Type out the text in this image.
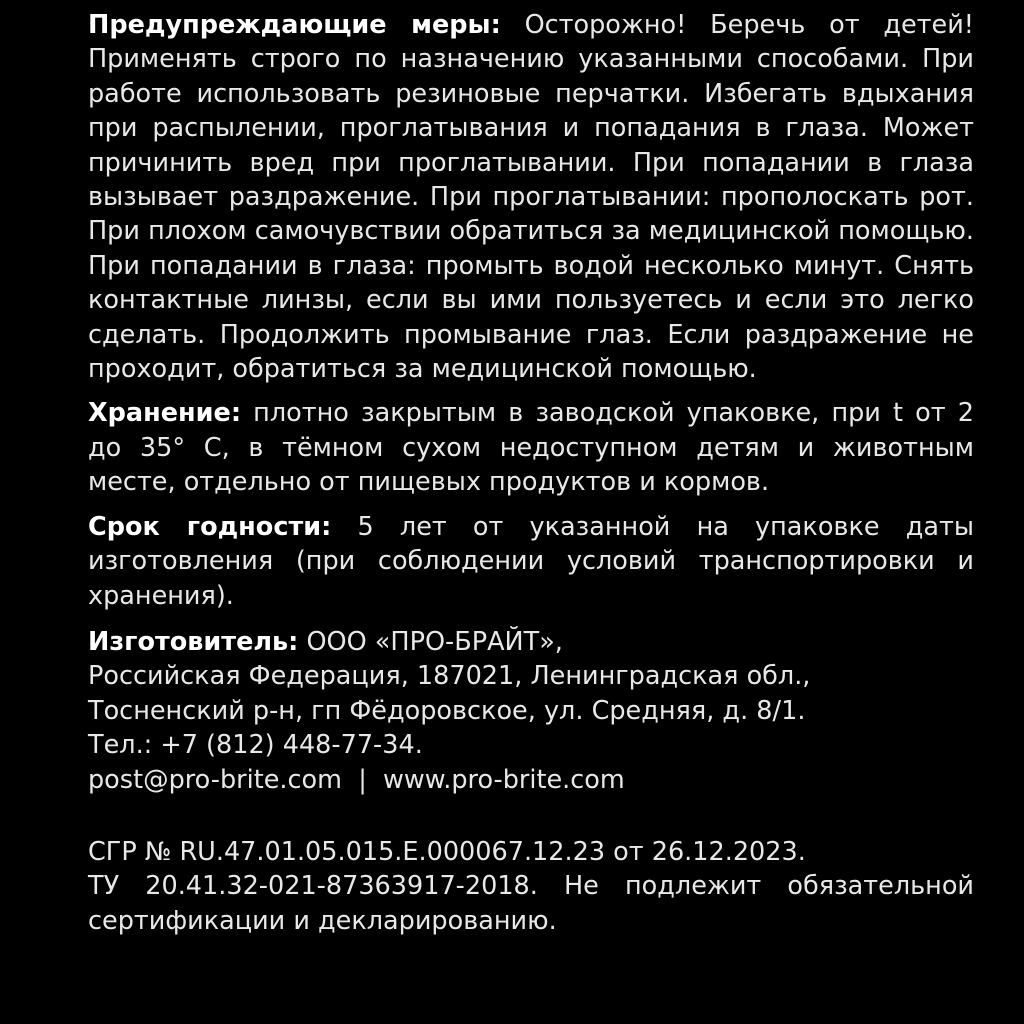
Предупреждающие меры: Осторожно! Беречь от детей! Применять строго по назначению указанными способами. При работе использовать резиновые перчатки. Избегать вдыхания при распылении, проглатывания и попадания в глаза. Может причинить вред при проглатывании. При попадании в глаза вызывает раздражение. При проглатывании: прополоскать рот. При плохом самочувствии обратиться за медицинской помощью. При попадании в глаза: промыть водой несколько минут. Снять контактные линзы, если вы ими пользуетесь и если это легко сделать. Продолжить промывание глаз. Если раздражение не проходит, обратиться за медицинской помощью.

Хранение: плотно закрытым в заводской упаковке, при t от 2 до 35° C, в тёмном сухом недоступном детям и животным месте, отдельно от пищевых продуктов и кормов.

Срок годности: 5 лет от указанной на упаковке даты изготовления (при соблюдении условий транспортировки и хранения).

Изготовитель: ООО «ПРО-БРАЙТ»,
Российская Федерация, 187021, Ленинградская обл.,
Тосненский р-н, гп Фёдоровское, ул. Средняя, д. 8/1.
Тел.: +7 (812) 448-77-34.
post@pro-brite.com | www.pro-brite.com
СГР № RU.47.01.05.015.Е.000067.12.23 от 26.12.2023.

ТУ 20.41.32-021-87363917-2018. Не подлежит обязательной сертификации и декларированию.
